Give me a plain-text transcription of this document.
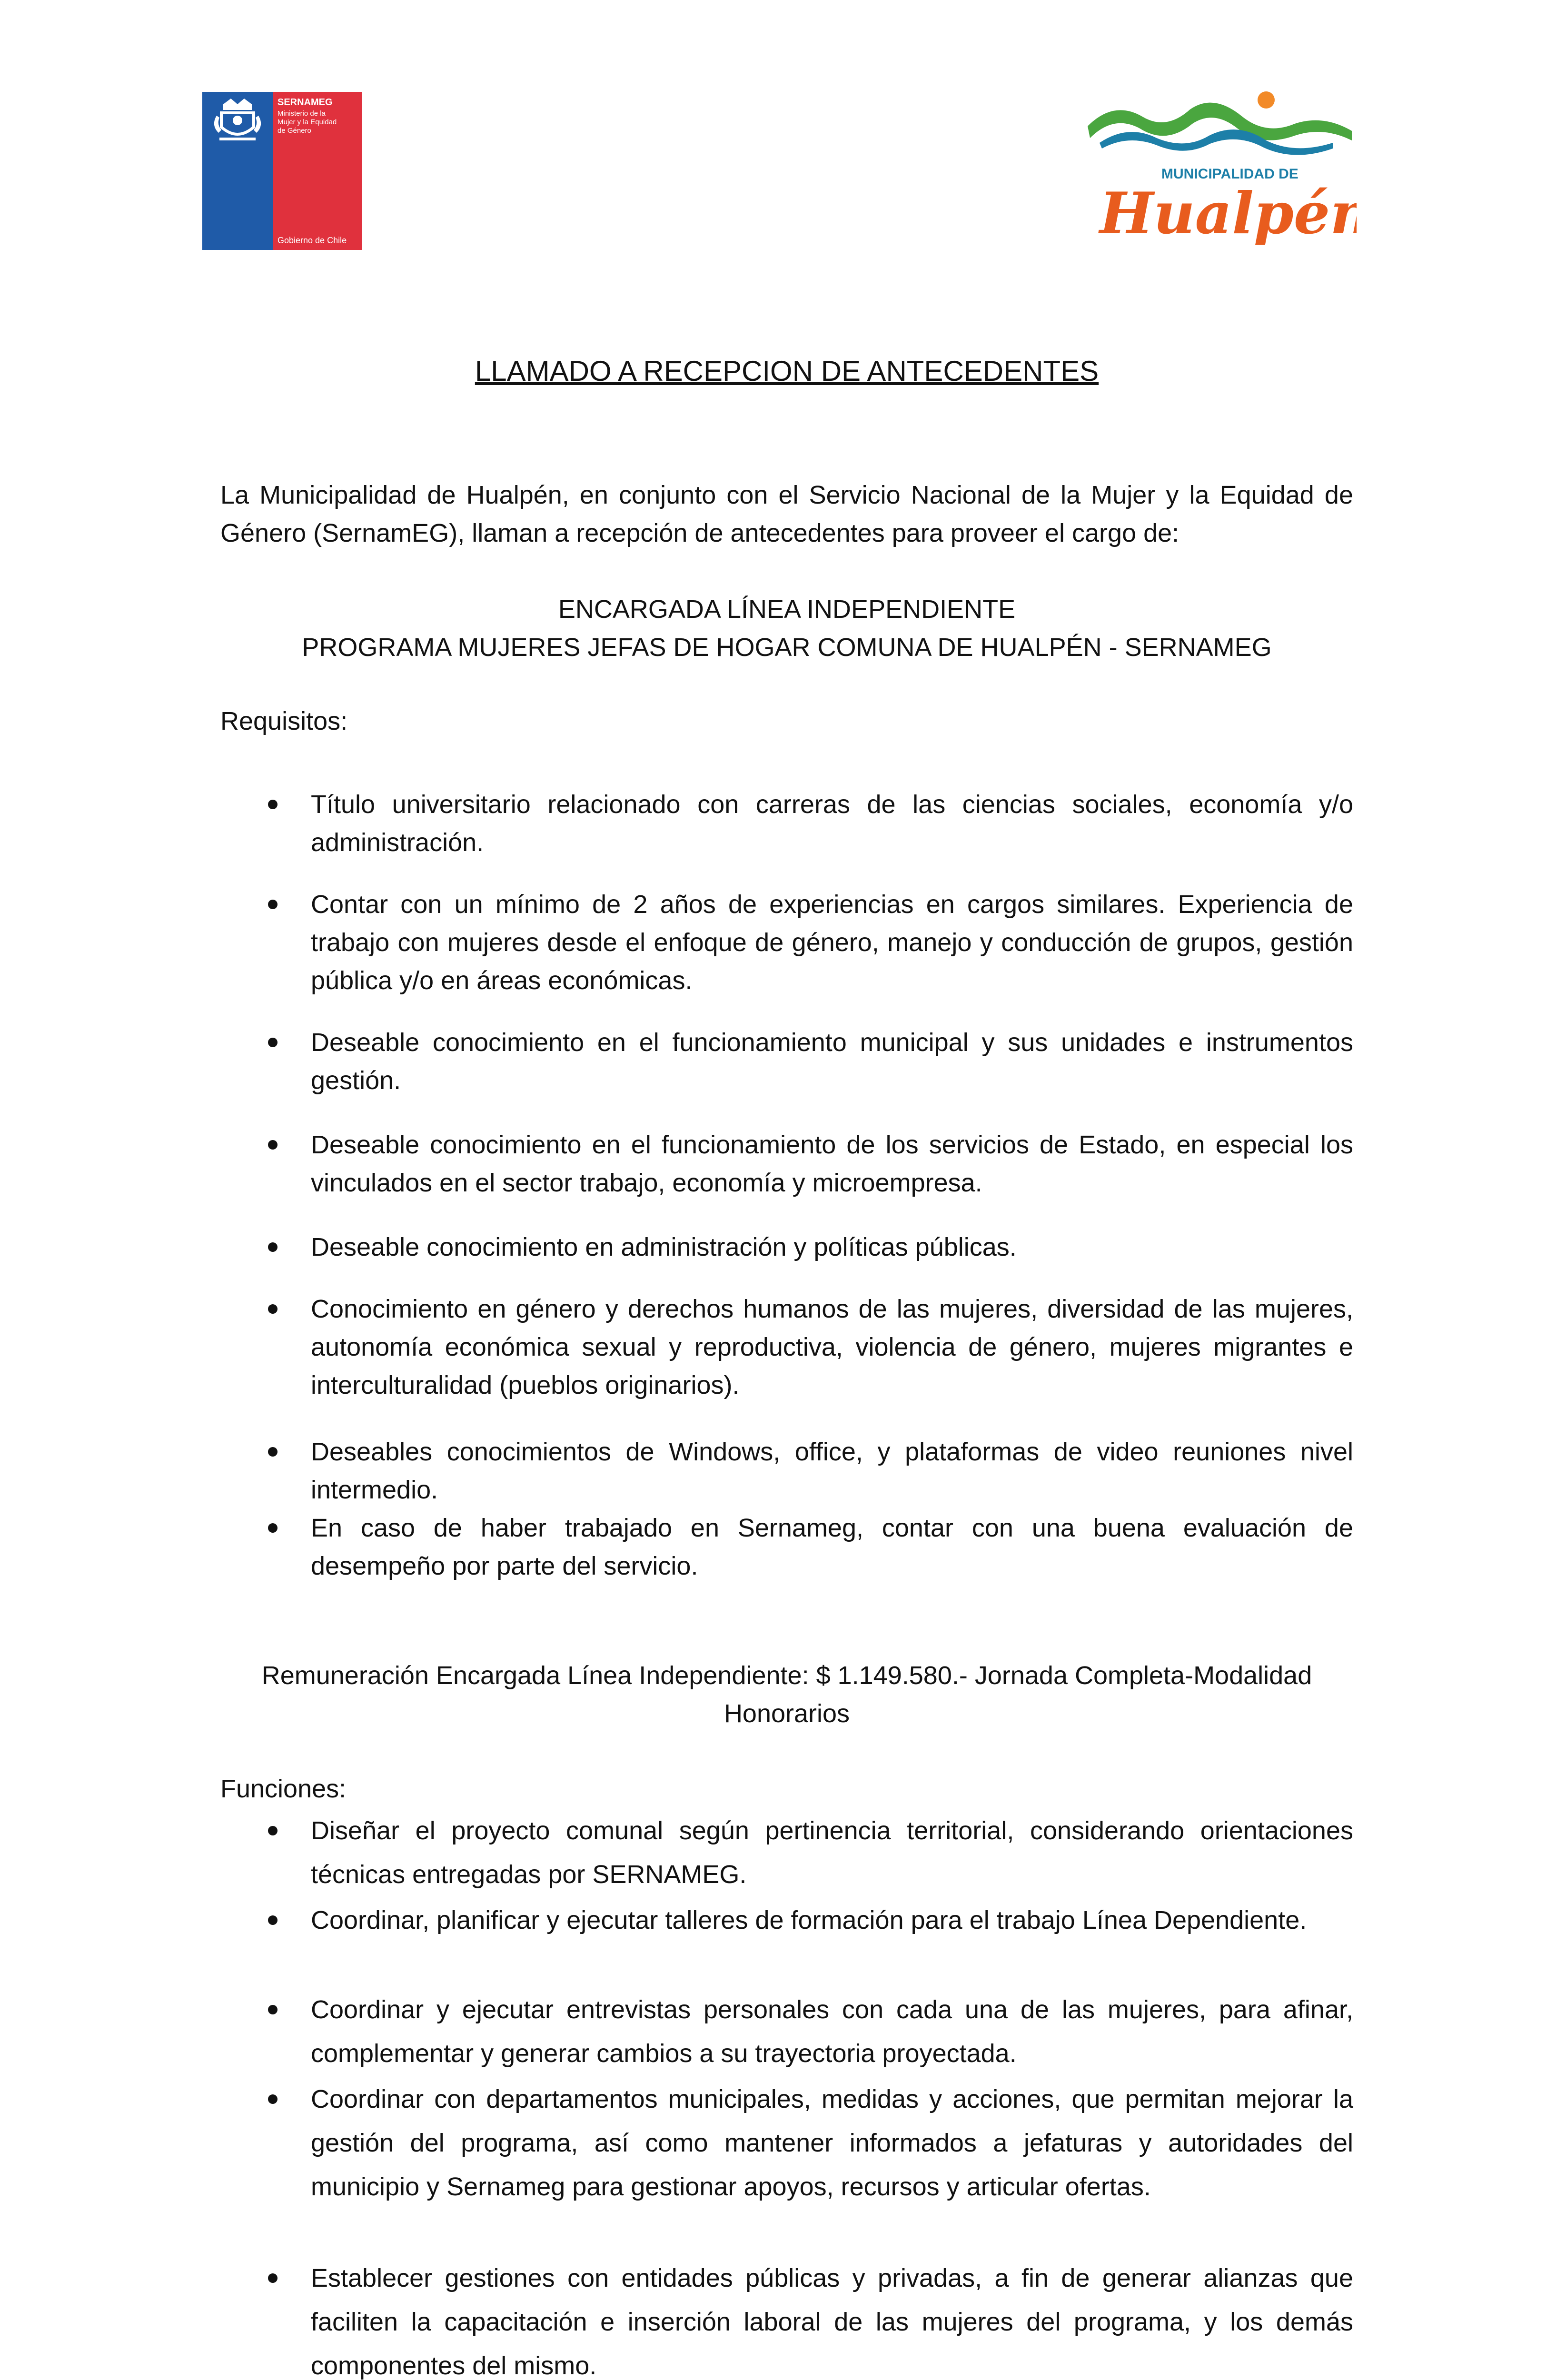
SERNAMEG
Ministerio de la
Mujer y la Equidad
de Género
Gobierno de Chile
MUNICIPALIDAD DE
Hualpén
LLAMADO A RECEPCION DE ANTECEDENTES
La Municipalidad de Hualpén, en conjunto con el Servicio Nacional de la Mujer y la Equidad de Género (SernamEG), llaman a recepción de antecedentes para proveer el cargo de:
ENCARGADA LÍNEA INDEPENDIENTE
PROGRAMA MUJERES JEFAS DE HOGAR COMUNA DE HUALPÉN - SERNAMEG
Requisitos:
Título universitario relacionado con carreras de las ciencias sociales, economía y/o administración.
Contar con un mínimo de 2 años de experiencias en cargos similares. Experiencia de trabajo con mujeres desde el enfoque de género, manejo y conducción de grupos, gestión pública y/o en áreas económicas.
Deseable conocimiento en el funcionamiento municipal y sus unidades e instrumentos gestión.
Deseable conocimiento en el funcionamiento de los servicios de Estado, en especial los vinculados en el sector trabajo, economía y microempresa.
Deseable conocimiento en administración y políticas públicas.
Conocimiento en género y derechos humanos de las mujeres, diversidad de las mujeres, autonomía económica sexual y reproductiva, violencia de género, mujeres migrantes e interculturalidad (pueblos originarios).
Deseables conocimientos de Windows, office, y plataformas de video reuniones nivel intermedio.
En caso de haber trabajado en Sernameg, contar con una buena evaluación de desempeño por parte del servicio.
Remuneración Encargada Línea Independiente: $ 1.149.580.- Jornada Completa-Modalidad Honorarios
Funciones:
Diseñar el proyecto comunal según pertinencia territorial, considerando orientaciones técnicas entregadas por SERNAMEG.
Coordinar, planificar y ejecutar talleres de formación para el trabajo Línea Dependiente.
Coordinar y ejecutar entrevistas personales con cada una de las mujeres, para afinar, complementar y generar cambios a su trayectoria proyectada.
Coordinar con departamentos municipales, medidas y acciones, que permitan mejorar la gestión del programa, así como mantener informados a jefaturas y autoridades del municipio y Sernameg para gestionar apoyos, recursos y articular ofertas.
Establecer gestiones con entidades públicas y privadas, a fin de generar alianzas que faciliten la capacitación e inserción laboral de las mujeres del programa, y los demás componentes del mismo.
